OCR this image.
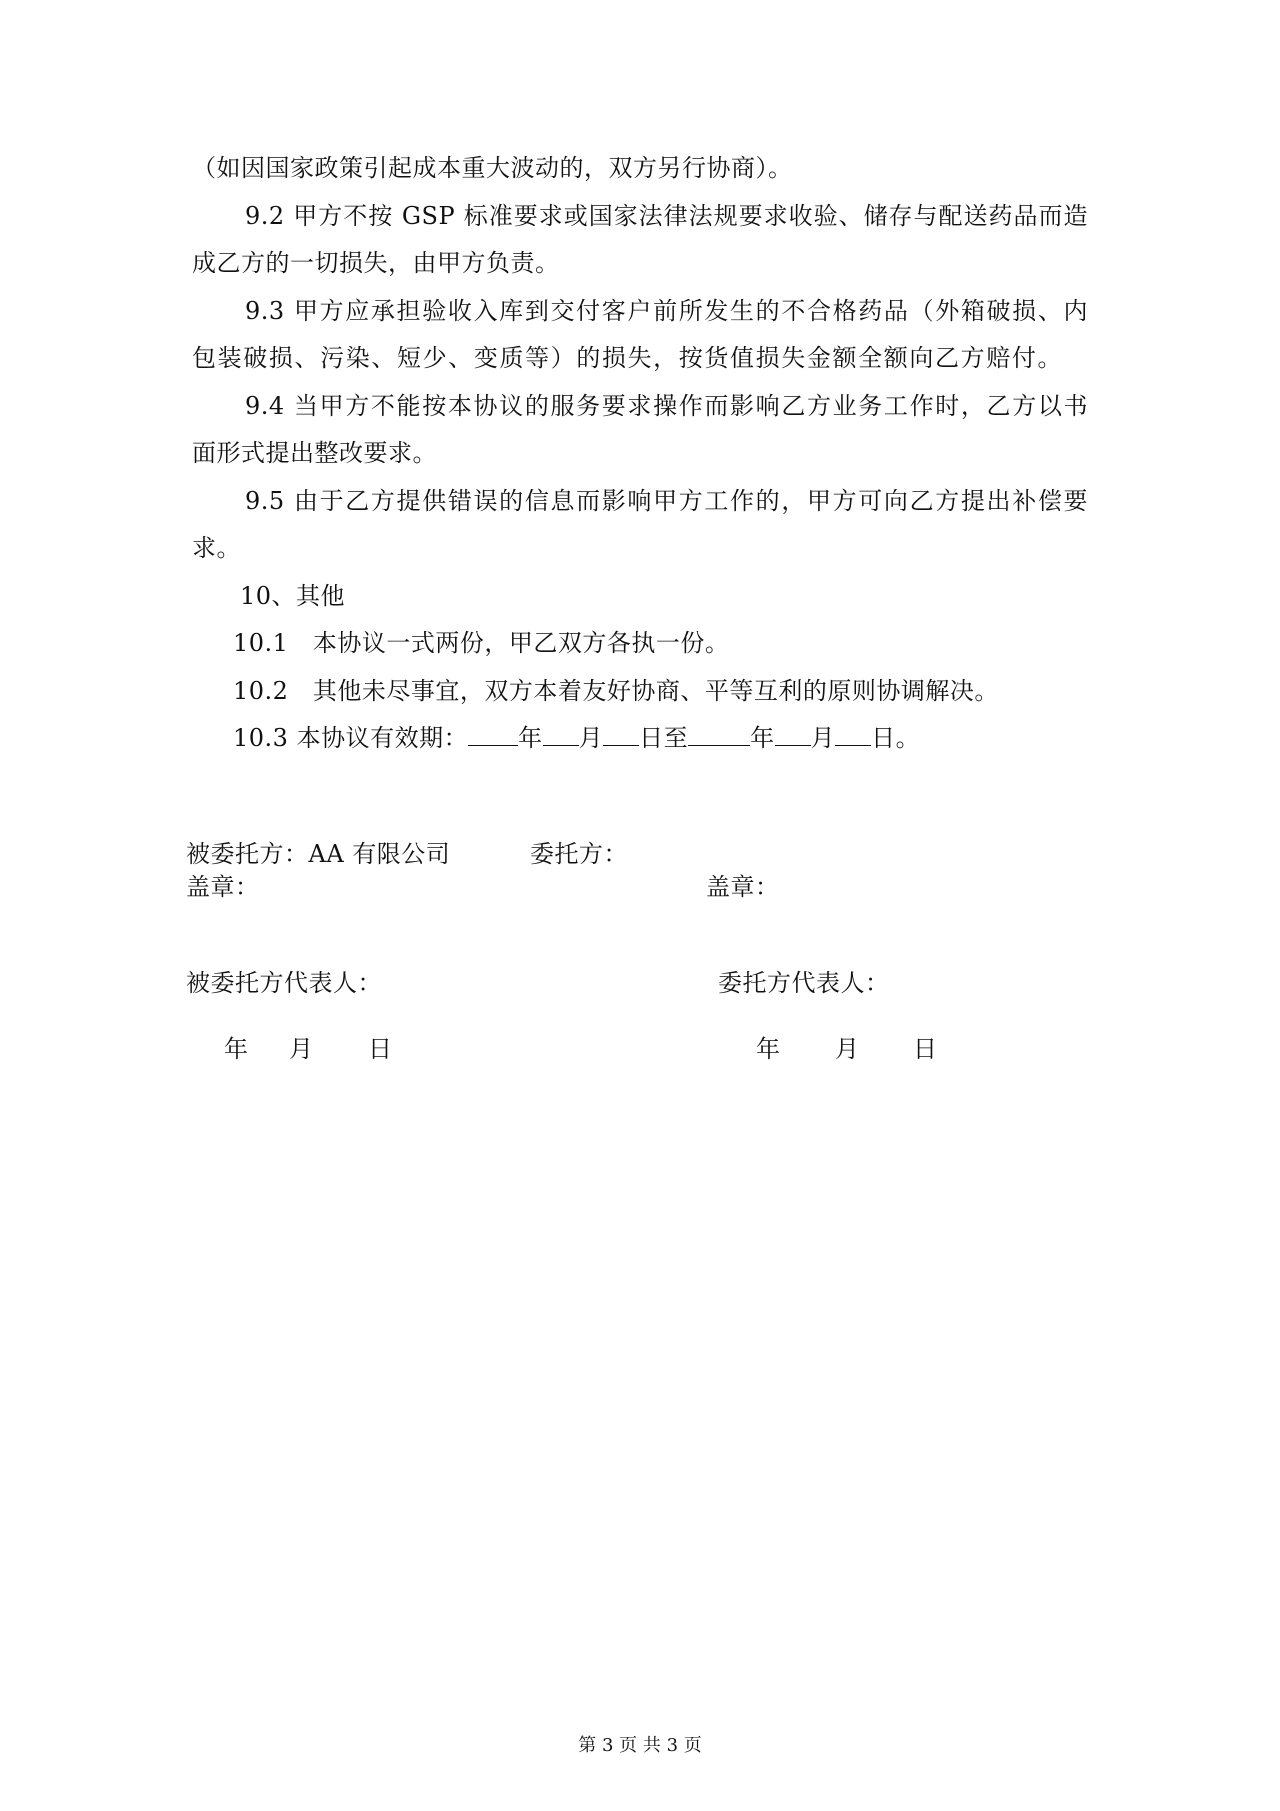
（如因国家政策引起成本重大波动的，双方另行协商）。
9.2 甲方不按 GSP 标准要求或国家法律法规要求收验、储存与配送药品而造
成乙方的一切损失，由甲方负责。
9.3 甲方应承担验收入库到交付客户前所发生的不合格药品（外箱破损、内
包装破损、污染、短少、变质等）的损失，按货值损失金额全额向乙方赔付。
9.4 当甲方不能按本协议的服务要求操作而影响乙方业务工作时，乙方以书
面形式提出整改要求。
9.5 由于乙方提供错误的信息而影响甲方工作的，甲方可向乙方提出补偿要
求。
10、其他
10.1　本协议一式两份，甲乙双方各执一份。
10.2　其他未尽事宜，双方本着友好协商、平等互利的原则协调解决。
10.3 本协议有效期： 年 月 日至	年 月 日。
被委托方：AA 有限公司	委托方：
盖章：	盖章：
被委托方代表人：	委托方代表人：
年 月 日	年 月 日
第 3 页 共 3 页
